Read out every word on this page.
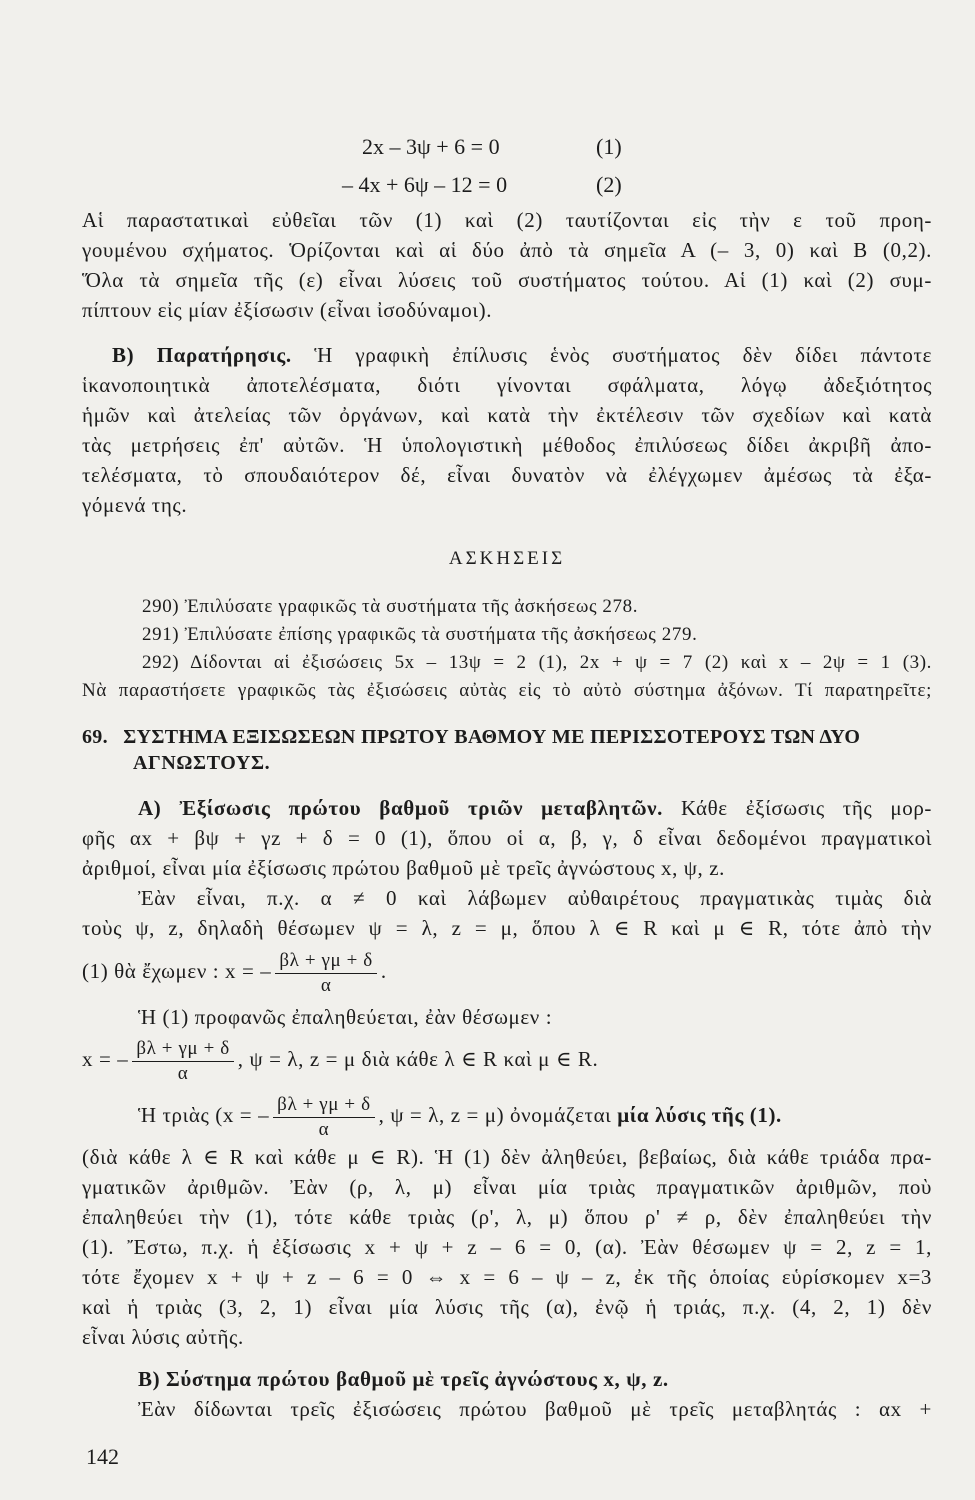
2x – 3ψ + 6 = 0	(1)
– 4x + 6ψ – 12 = 0	(2)
Αἱ παραστατικαὶ εὐθεῖαι τῶν (1) καὶ (2) ταυτίζονται εἰς τὴν ε τοῦ προη-
γουμένου σχήματος. Ὁρίζονται καὶ αἱ δύο ἀπὸ τὰ σημεῖα Α (– 3, 0) καὶ Β (0,2).
Ὅλα τὰ σημεῖα τῆς (ε) εἶναι λύσεις τοῦ συστήματος τούτου. Αἱ (1) καὶ (2) συμ-
πίπτουν εἰς μίαν ἐξίσωσιν (εἶναι ἰσοδύναμοι).
Β) Παρατήρησις. Ἡ γραφικὴ ἐπίλυσις ἑνὸς συστήματος δὲν δίδει πάντοτε
ἱκανοποιητικὰ ἀποτελέσματα, διότι γίνονται σφάλματα, λόγῳ ἀδεξιότητος
ἡμῶν καὶ ἀτελείας τῶν ὀργάνων, καὶ κατὰ τὴν ἐκτέλεσιν τῶν σχεδίων καὶ κατὰ
τὰς μετρήσεις ἐπ' αὐτῶν. Ἡ ὑπολογιστικὴ μέθοδος ἐπιλύσεως δίδει ἀκριβῆ ἀπο-
τελέσματα, τὸ σπουδαιότερον δέ, εἶναι δυνατὸν νὰ ἐλέγχωμεν ἀμέσως τὰ ἐξα-
γόμενά της.
ΑΣΚΗΣΕΙΣ
290) Ἐπιλύσατε γραφικῶς τὰ συστήματα τῆς ἀσκήσεως 278.
291) Ἐπιλύσατε ἐπίσης γραφικῶς τὰ συστήματα τῆς ἀσκήσεως 279.
292) Δίδονται αἱ ἐξισώσεις 5x – 13ψ = 2 (1), 2x + ψ = 7 (2) καὶ x – 2ψ = 1 (3).
Νὰ παραστήσετε γραφικῶς τὰς ἐξισώσεις αὐτὰς εἰς τὸ αὐτὸ σύστημα ἀξόνων. Τί παρατηρεῖτε;
69. ΣΥΣΤΗΜΑ ΕΞΙΣΩΣΕΩΝ ΠΡΩΤΟΥ ΒΑΘΜΟΥ ΜΕ ΠΕΡΙΣΣΟΤΕΡΟΥΣ ΤΩΝ ΔΥΟ
ΑΓΝΩΣΤΟΥΣ.
Α) Ἐξίσωσις πρώτου βαθμοῦ τριῶν μεταβλητῶν. Κάθε ἐξίσωσις τῆς μορ-
φῆς αx + βψ + γz + δ = 0 (1), ὅπου οἱ α, β, γ, δ εἶναι δεδομένοι πραγματικοὶ
ἀριθμοί, εἶναι μία ἐξίσωσις πρώτου βαθμοῦ μὲ τρεῖς ἀγνώστους x, ψ, z.
Ἐὰν εἶναι, π.χ. α ≠ 0 καὶ λάβωμεν αὐθαιρέτους πραγματικὰς τιμὰς διὰ
τοὺς ψ, z, δηλαδὴ θέσωμεν ψ = λ, z = μ, ὅπου λ ∈ R καὶ μ ∈ R, τότε ἀπὸ τὴν
(1) θὰ ἔχωμεν : x = – $\frac{\beta\lambda + \gamma\mu + \delta}{\alpha}$ .
Ἡ (1) προφανῶς ἐπαληθεύεται, ἐὰν θέσωμεν :
x = – $\frac{\beta\lambda + \gamma\mu + \delta}{\alpha}$ , ψ = λ, z = μ διὰ κάθε λ ∈ R καὶ μ ∈ R.
Ἡ τριὰς (x = – $\frac{\beta\lambda + \gamma\mu + \delta}{\alpha}$ , ψ = λ, z = μ) ὀνομάζεται μία λύσις τῆς (1).
(διὰ κάθε λ ∈ R καὶ κάθε μ ∈ R). Ἡ (1) δὲν ἀληθεύει, βεβαίως, διὰ κάθε τριάδα πρα-
γματικῶν ἀριθμῶν. Ἐὰν (ρ, λ, μ) εἶναι μία τριὰς πραγματικῶν ἀριθμῶν, ποὺ
ἐπαληθεύει τὴν (1), τότε κάθε τριὰς (ρ', λ, μ) ὅπου ρ' ≠ ρ, δὲν ἐπαληθεύει τὴν
(1). Ἔστω, π.χ. ἡ ἐξίσωσις x + ψ + z – 6 = 0, (α). Ἐὰν θέσωμεν ψ = 2, z = 1,
τότε ἔχομεν x + ψ + z – 6 = 0 ⇔ x = 6 – ψ – z, ἐκ τῆς ὁποίας εὑρίσκομεν x=3
καὶ ἡ τριὰς (3, 2, 1) εἶναι μία λύσις τῆς (α), ἐνῷ ἡ τριάς, π.χ. (4, 2, 1) δὲν
εἶναι λύσις αὐτῆς.
Β) Σύστημα πρώτου βαθμοῦ μὲ τρεῖς ἀγνώστους x, ψ, z.
Ἐὰν δίδωνται τρεῖς ἐξισώσεις πρώτου βαθμοῦ μὲ τρεῖς μεταβλητάς : αx +
142
